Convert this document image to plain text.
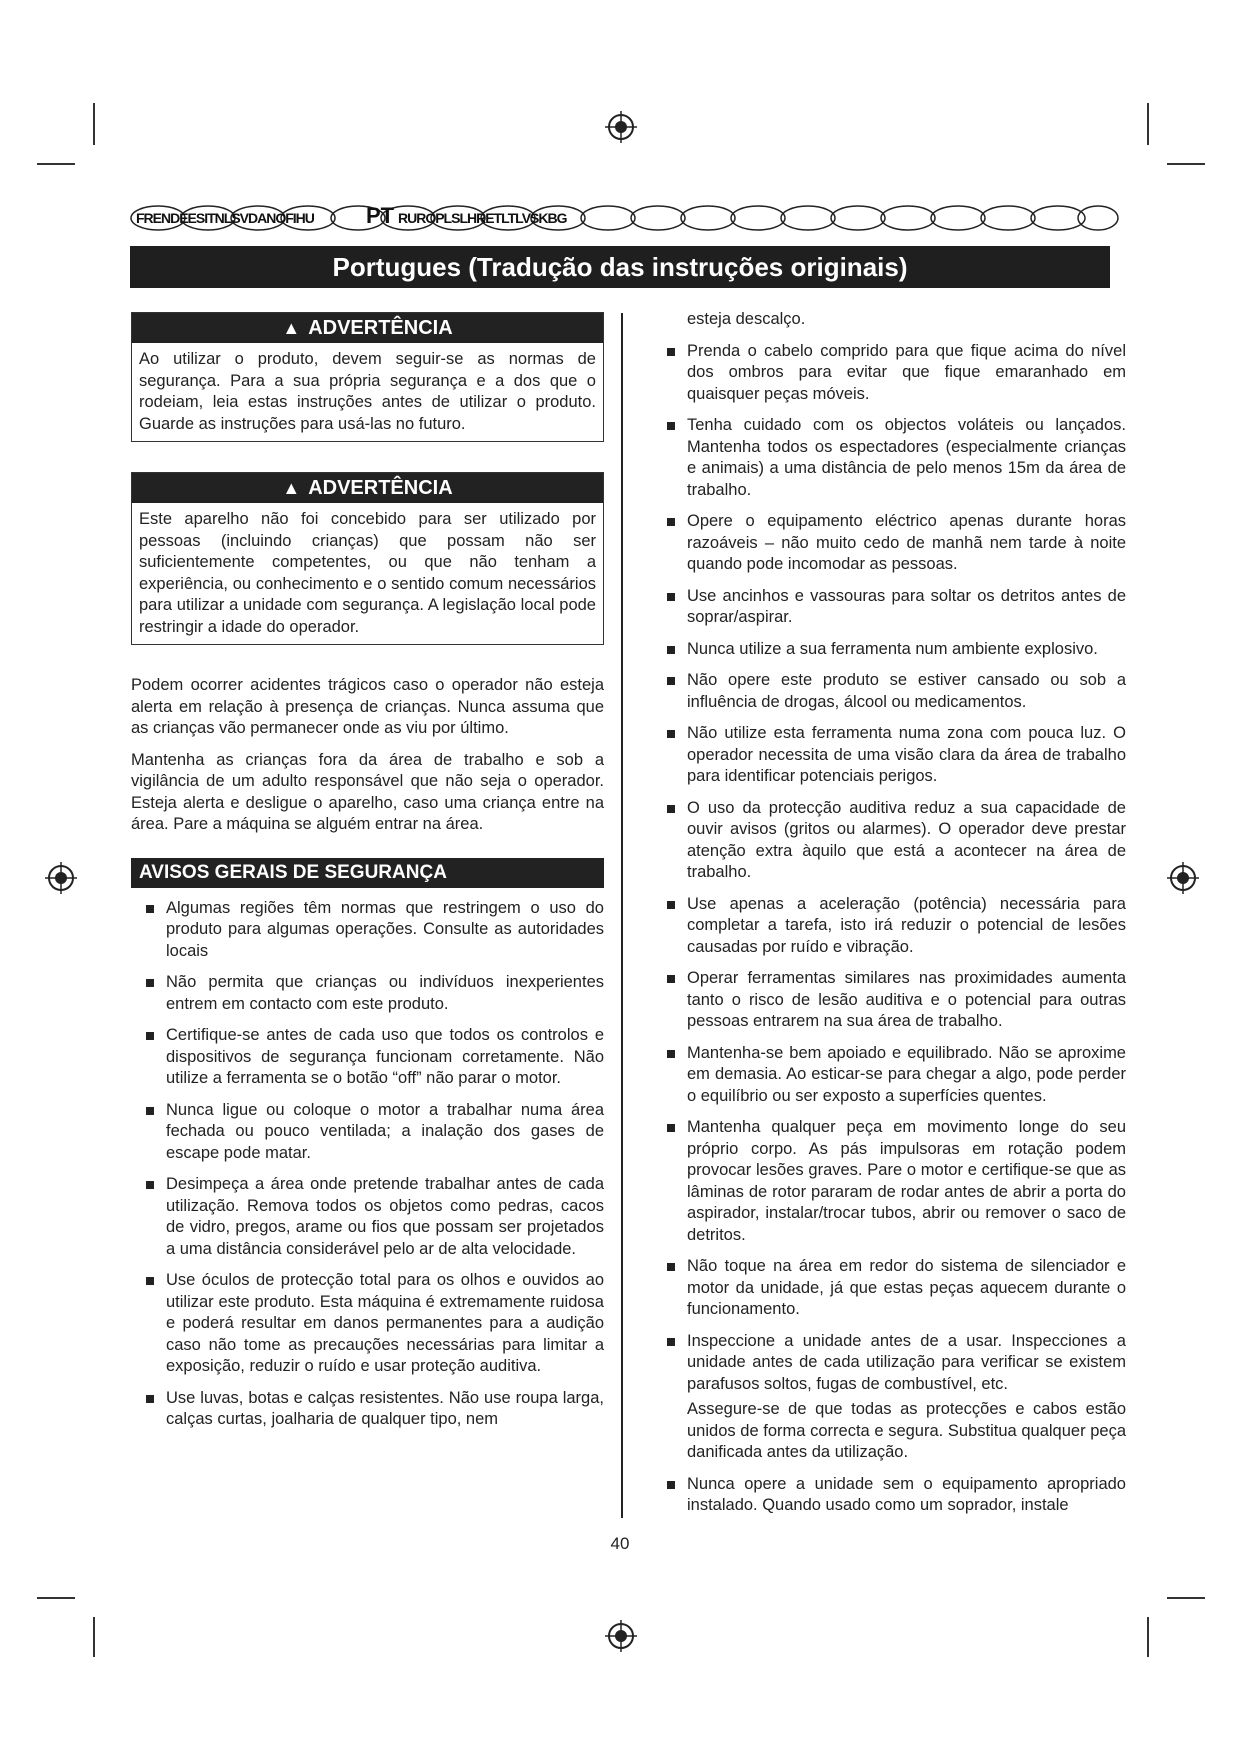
FRENDEESITNLSVDANOFIHU PT RUROPLSLHRETLTLVSKBG
Portugues (Tradução das instruções originais)
▲ ADVERTÊNCIA
Ao utilizar o produto, devem seguir-se as normas de segurança. Para a sua própria segurança e a dos que o rodeiam, leia estas instruções antes de utilizar o produto. Guarde as instruções para usá-las no futuro.
▲ ADVERTÊNCIA
Este aparelho não foi concebido para ser utilizado por pessoas (incluindo crianças) que possam não ser suficientemente competentes, ou que não tenham a experiência, ou conhecimento e o sentido comum necessários para utilizar a unidade com segurança. A legislação local pode restringir a idade do operador.

Podem ocorrer acidentes trágicos caso o operador não esteja alerta em relação à presença de crianças. Nunca assuma que as crianças vão permanecer onde as viu por último.

Mantenha as crianças fora da área de trabalho e sob a vigilância de um adulto responsável que não seja o operador. Esteja alerta e desligue o aparelho, caso uma criança entre na área. Pare a máquina se alguém entrar na área.

AVISOS GERAIS DE SEGURANÇA
Algumas regiões têm normas que restringem o uso do produto para algumas operações. Consulte as autoridades locais
Não permita que crianças ou indivíduos inexperientes entrem em contacto com este produto.
Certifique-se antes de cada uso que todos os controlos e dispositivos de segurança funcionam corretamente. Não utilize a ferramenta se o botão “off” não parar o motor.
Nunca ligue ou coloque o motor a trabalhar numa área fechada ou pouco ventilada; a inalação dos gases de escape pode matar.
Desimpeça a área onde pretende trabalhar antes de cada utilização. Remova todos os objetos como pedras, cacos de vidro, pregos, arame ou fios que possam ser projetados a uma distância considerável pelo ar de alta velocidade.
Use óculos de protecção total para os olhos e ouvidos ao utilizar este produto. Esta máquina é extremamente ruidosa e poderá resultar em danos permanentes para a audição caso não tome as precauções necessárias para limitar a exposição, reduzir o ruído e usar proteção auditiva.
Use luvas, botas e calças resistentes. Não use roupa larga, calças curtas, joalharia de qualquer tipo, nem
esteja descalço.
Prenda o cabelo comprido para que fique acima do nível dos ombros para evitar que fique emaranhado em quaisquer peças móveis.
Tenha cuidado com os objectos voláteis ou lançados. Mantenha todos os espectadores (especialmente crianças e animais) a uma distância de pelo menos 15m da área de trabalho.
Opere o equipamento eléctrico apenas durante horas razoáveis – não muito cedo de manhã nem tarde à noite quando pode incomodar as pessoas.
Use ancinhos e vassouras para soltar os detritos antes de soprar/aspirar.
Nunca utilize a sua ferramenta num ambiente explosivo.
Não opere este produto se estiver cansado ou sob a influência de drogas, álcool ou medicamentos.
Não utilize esta ferramenta numa zona com pouca luz. O operador necessita de uma visão clara da área de trabalho para identificar potenciais perigos.
O uso da protecção auditiva reduz a sua capacidade de ouvir avisos (gritos ou alarmes). O operador deve prestar atenção extra àquilo que está a acontecer na área de trabalho.
Use apenas a aceleração (potência) necessária para completar a tarefa, isto irá reduzir o potencial de lesões causadas por ruído e vibração.
Operar ferramentas similares nas proximidades aumenta tanto o risco de lesão auditiva e o potencial para outras pessoas entrarem na sua área de trabalho.
Mantenha-se bem apoiado e equilibrado. Não se aproxime em demasia. Ao esticar-se para chegar a algo, pode perder o equilíbrio ou ser exposto a superfícies quentes.
Mantenha qualquer peça em movimento longe do seu próprio corpo. As pás impulsoras em rotação podem provocar lesões graves. Pare o motor e certifique-se que as lâminas de rotor pararam de rodar antes de abrir a porta do aspirador, instalar/trocar tubos, abrir ou remover o saco de detritos.
Não toque na área em redor do sistema de silenciador e motor da unidade, já que estas peças aquecem durante o funcionamento.
Inspeccione a unidade antes de a usar. Inspecciones a unidade antes de cada utilização para verificar se existem parafusos soltos, fugas de combustível, etc.
Assegure-se de que todas as protecções e cabos estão unidos de forma correcta e segura. Substitua qualquer peça danificada antes da utilização.
Nunca opere a unidade sem o equipamento apropriado instalado. Quando usado como um soprador, instale
40
